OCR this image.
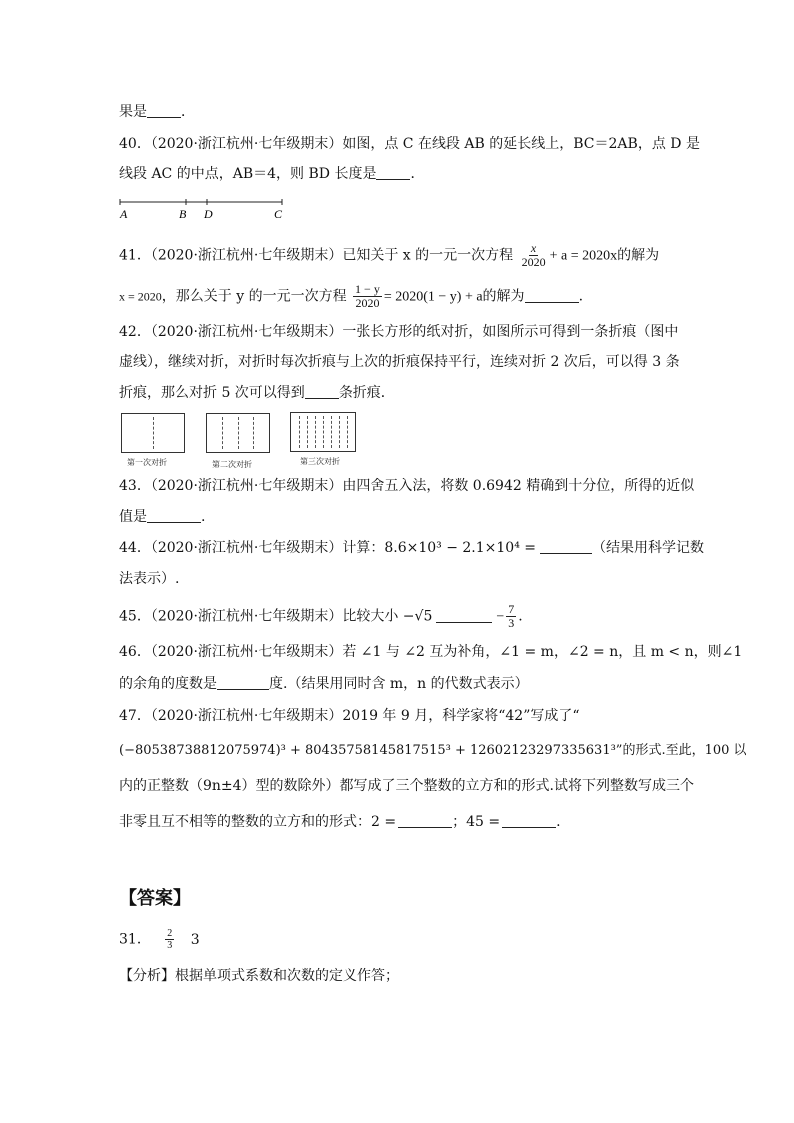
果是 ．
40．（2020·浙江杭州·七年级期末）如图，点 C 在线段 AB 的延长线上，BC＝2AB，点 D 是
线段 AC 的中点，AB＝4，则 BD 长度是 ．
A	B D	C
41．（2020·浙江杭州·七年级期末）已知关于 x 的一元一次方程 $\frac{x}{2020} + a = 2020x$的解为
x = 2020，那么关于 y 的一元一次方程 $\frac{1 - y}{2020} = 2020(1 - y) + a$的解为	.
42．（2020·浙江杭州·七年级期末）一张长方形的纸对折，如图所示可得到一条折痕（图中
虚线），继续对折，对折时每次折痕与上次的折痕保持平行，连续对折 2 次后，可以得 3 条
折痕，那么对折 5 次可以得到 条折痕．
第一次对折	第二次对折	第三次对折
43．（2020·浙江杭州·七年级期末）由四舍五入法，将数 0.6942 精确到十分位，所得的近似
值是	.
44．（2020·浙江杭州·七年级期末）计算：8.6×10³ − 2.1×10⁴ =	（结果用科学记数
法表示）.
45．（2020·浙江杭州·七年级期末）比较大小 −√5	− $\frac{7}{3}$ .
46．（2020·浙江杭州·七年级期末）若 ∠1 与 ∠2 互为补角，∠1 = m，∠2 = n，且 m < n，则∠1
的余角的度数是	度.（结果用同时含 m，n 的代数式表示）
47．（2020·浙江杭州·七年级期末）2019 年 9 月，科学家将“42”写成了“
(−80538738812075974)³ + 80435758145817515³ + 12602123297335631³”的形式.至此，100 以
内的正整数（9n±4）型的数除外）都写成了三个整数的立方和的形式.试将下列整数写成三个
非零且互不相等的整数的立方和的形式：2 =	；45 =	.
【答案】
31． $\frac{2}{3} 3$
【分析】根据单项式系数和次数的定义作答；
